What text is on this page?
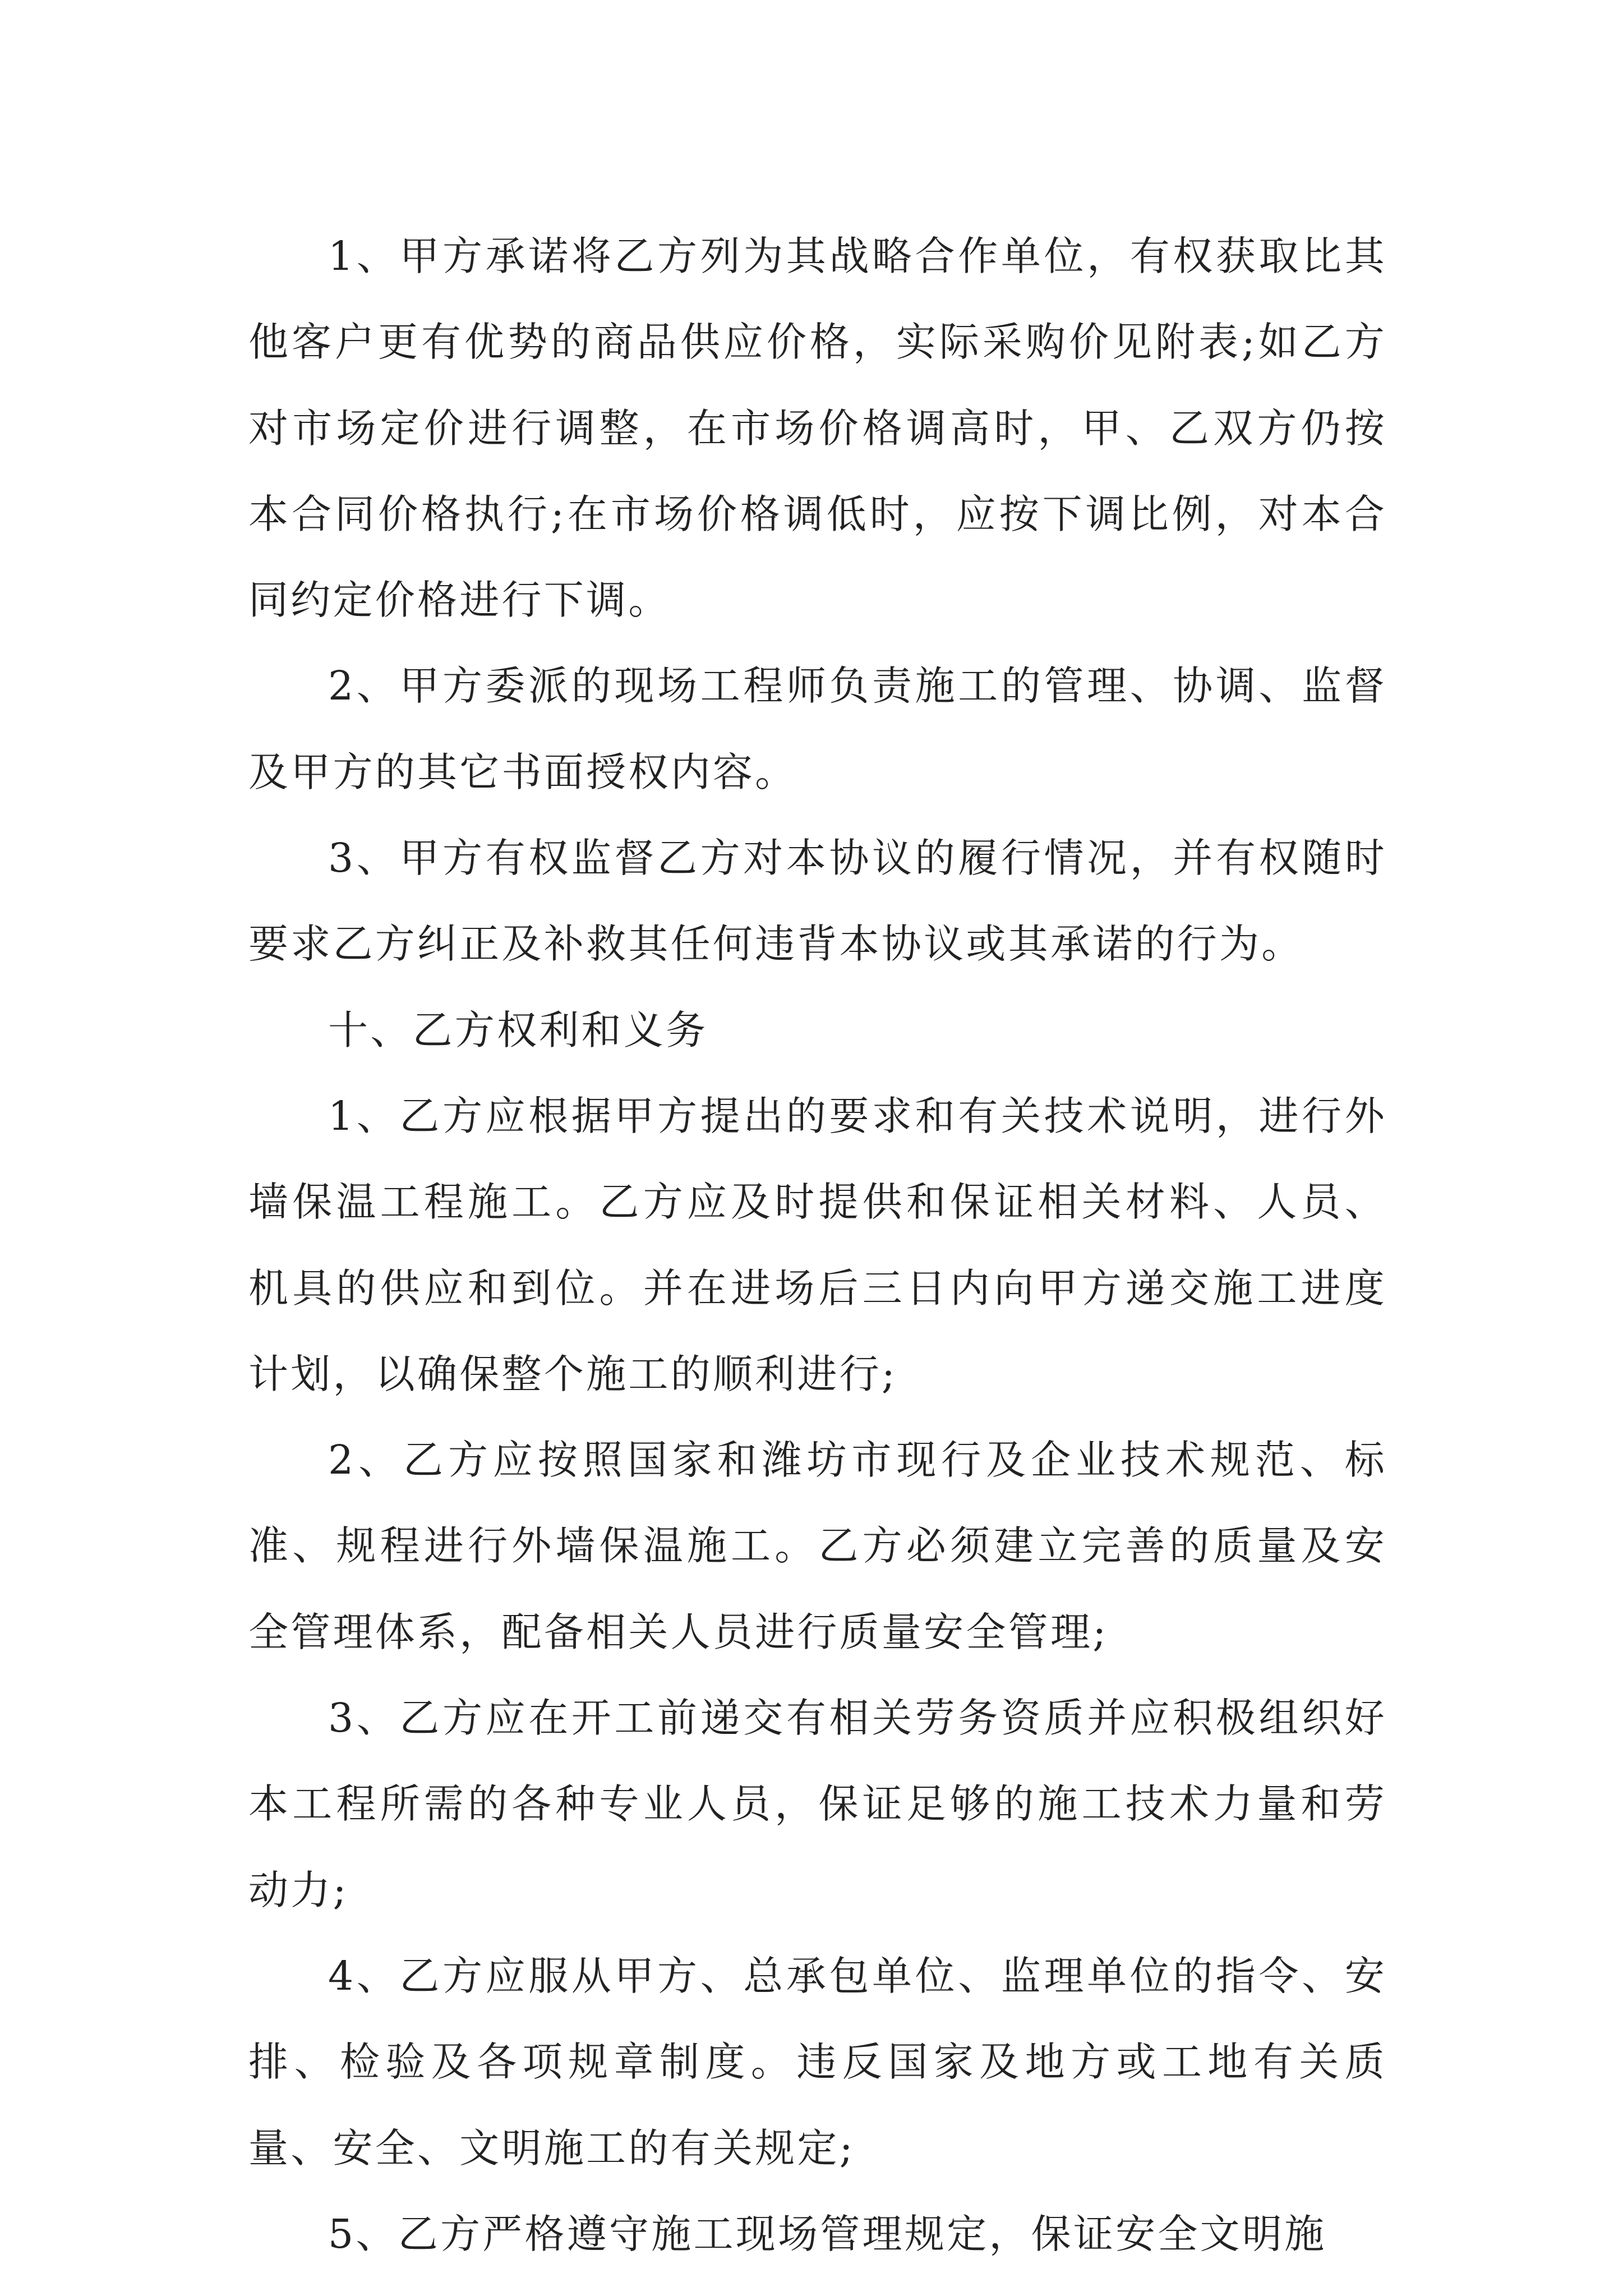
1、甲方承诺将乙方列为其战略合作单位，有权获取比其他客户更有优势的商品供应价格，实际采购价见附表;如乙方对市场定价进行调整，在市场价格调高时，甲、乙双方仍按本合同价格执行;在市场价格调低时，应按下调比例，对本合同约定价格进行下调。

2、甲方委派的现场工程师负责施工的管理、协调、监督及甲方的其它书面授权内容。

3、甲方有权监督乙方对本协议的履行情况，并有权随时要求乙方纠正及补救其任何违背本协议或其承诺的行为。

十、乙方权利和义务

1、乙方应根据甲方提出的要求和有关技术说明，进行外墙保温工程施工。乙方应及时提供和保证相关材料、人员、机具的供应和到位。并在进场后三日内向甲方递交施工进度计划，以确保整个施工的顺利进行;

2、乙方应按照国家和潍坊市现行及企业技术规范、标准、规程进行外墙保温施工。乙方必须建立完善的质量及安全管理体系，配备相关人员进行质量安全管理;

3、乙方应在开工前递交有相关劳务资质并应积极组织好本工程所需的各种专业人员，保证足够的施工技术力量和劳动力;

4、乙方应服从甲方、总承包单位、监理单位的指令、安排、检验及各项规章制度。违反国家及地方或工地有关质量、安全、文明施工的有关规定;

5、乙方严格遵守施工现场管理规定，保证安全文明施
